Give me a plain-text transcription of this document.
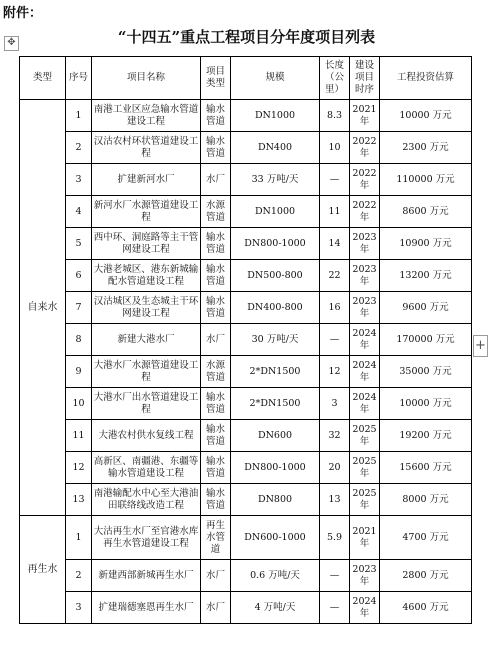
附件：
✥	“十四五”重点工程项目分年度项目列表
+
类型	序号	项目名称	项目类型	规模	长度（公里）	建设项目时序	工程投资估算
自来水	1	南港工业区应急输水管道建设工程	输水管道	DN1000	8.3	2021年	10000 万元
	2	汉沽农村环状管道建设工程	输水管道	DN400	10	2022年	2300 万元
	3	扩建新河水厂	水厂	33 万吨/天	—	2022年	110000 万元
	4	新河水厂水源管道建设工程	水源管道	DN1000	11	2022年	8600 万元
	5	西中环、洞庭路等主干管网建设工程	输水管道	DN800-1000	14	2023年	10900 万元
	6	大港老城区、港东新城输配水管道建设工程	输水管道	DN500-800	22	2023年	13200 万元
	7	汉沽城区及生态城主干环网建设工程	输水管道	DN400-800	16	2023年	9600 万元
	8	新建大港水厂	水厂	30 万吨/天	—	2024年	170000 万元
	9	大港水厂水源管道建设工程	水源管道	2*DN1500	12	2024年	35000 万元
	10	大港水厂出水管道建设工程	输水管道	2*DN1500	3	2024年	10000 万元
	11	大港农村供水复线工程	输水管道	DN600	32	2025年	19200 万元
	12	高新区、南疆港、东疆等输水管道建设工程	输水管道	DN800-1000	20	2025年	15600 万元
	13	南港输配水中心至大港油田联络线改造工程	输水管道	DN800	13	2025年	8000 万元
再生水	1	大沽再生水厂至官港水库再生水管道建设工程	再生水管道	DN600-1000	5.9	2021年	4700 万元
	2	新建西部新城再生水厂	水厂	0.6 万吨/天	—	2023年	2800 万元
	3	扩建瑞德塞恩再生水厂	水厂	4 万吨/天	—	2024年	4600 万元
